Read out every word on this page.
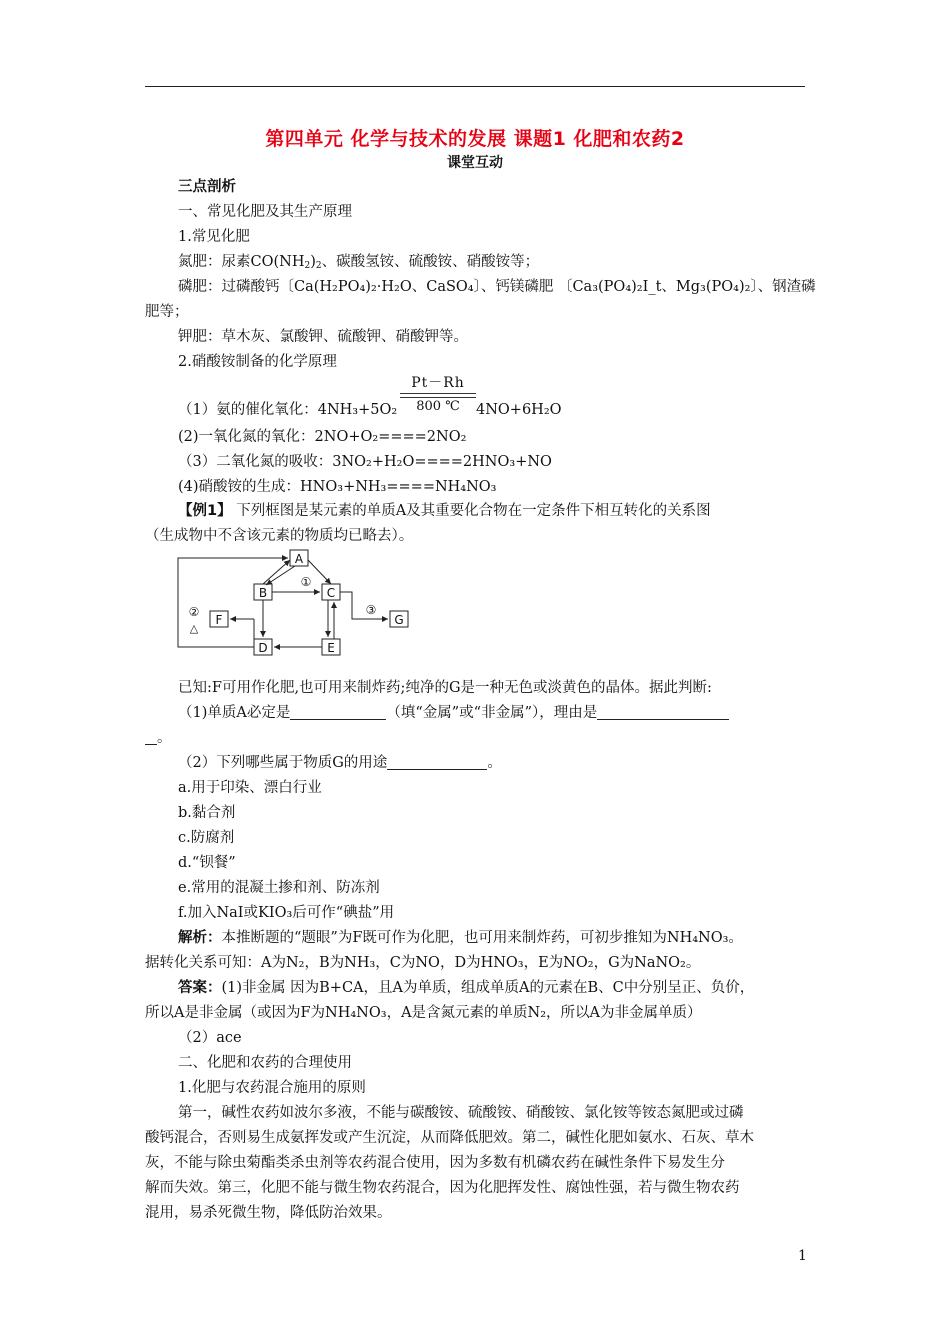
第四单元 化学与技术的发展 课题1 化肥和农药2
课堂互动
三点剖析
一、常见化肥及其生产原理
1.常见化肥
氮肥：尿素$CO(NH_2)_2$、碳酸氢铵、硫酸铵、硝酸铵等；
磷肥：过磷酸钙〔Ca(H₂PO₄)₂·H₂O、CaSO₄〕、钙镁磷肥 〔Ca₃(PO₄)₂I_t、Mg₃(PO₄)₂〕、钢渣磷
肥等；
钾肥：草木灰、氯酸钾、硫酸钾、硝酸钾等。
2.硝酸铵制备的化学原理
Pt－Rh
800 ℃
（1）氨的催化氧化：4NH₃+5O₂	4NO+6H₂O
(2)一氧化氮的氧化：2NO+O₂====2NO₂
（3）二氧化氮的吸收：3NO₂+H₂O====2HNO₃+NO
(4)硝酸铵的生成：HNO₃+NH₃====NH₄NO₃
【例1】 下列框图是某元素的单质A及其重要化合物在一定条件下相互转化的关系图
（生成物中不含该元素的物质均已略去）。
A
B	C
F	G
D	E
①
②
△
③
已知:F可用作化肥,也可用来制炸药;纯净的G是一种无色或淡黄色的晶体。据此判断:
（1)单质A必定是	（填“金属”或“非金属”），理由是
。
（2）下列哪些属于物质G的用途	。
a.用于印染、漂白行业
b.黏合剂
c.防腐剂
d.“钡餐”
e.常用的混凝土掺和剂、防冻剂
f.加入NaI或KIO₃后可作“碘盐”用
解析：本推断题的“题眼”为F既可作为化肥，也可用来制炸药，可初步推知为NH₄NO₃。
据转化关系可知：A为N₂，B为NH₃，C为NO，D为HNO₃，E为NO₂，G为NaNO₂。
答案：(1)非金属 因为B+CA，且A为单质，组成单质A的元素在B、C中分别呈正、负价，
所以A是非金属（或因为F为NH₄NO₃，A是含氮元素的单质N₂，所以A为非金属单质）
（2）ace
二、化肥和农药的合理使用
1.化肥与农药混合施用的原则
第一，碱性农药如波尔多液，不能与碳酸铵、硫酸铵、硝酸铵、氯化铵等铵态氮肥或过磷
酸钙混合，否则易生成氨挥发或产生沉淀，从而降低肥效。第二，碱性化肥如氨水、石灰、草木
灰，不能与除虫菊酯类杀虫剂等农药混合使用，因为多数有机磷农药在碱性条件下易发生分
解而失效。第三，化肥不能与微生物农药混合，因为化肥挥发性、腐蚀性强，若与微生物农药
混用，易杀死微生物，降低防治效果。
1
